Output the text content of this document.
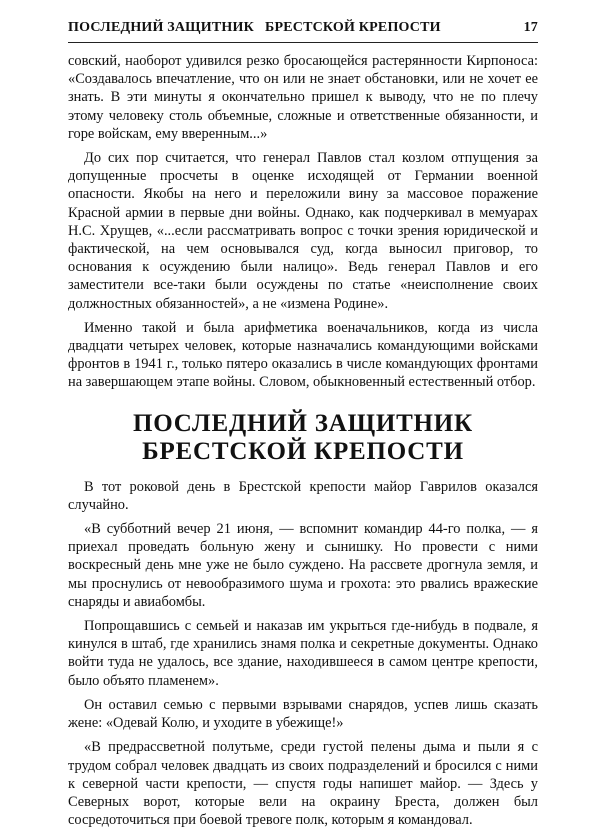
ПОСЛЕДНИЙ ЗАЩИТНИК   БРЕСТСКОЙ КРЕПОСТИ	17

совский, наоборот удивился резко бросающейся растерянности Кирпоноса: «Создавалось впечатление, что он или не знает обстановки, или не хочет ее знать. В эти минуты я окончательно пришел к выводу, что не по плечу этому человеку столь объемные, сложные и ответственные обязанности, и горе войскам, ему вверенным...»

До сих пор считается, что генерал Павлов стал козлом отпущения за допущенные просчеты в оценке исходящей от Германии военной опасности. Якобы на него и переложили вину за массовое поражение Красной армии в первые дни войны. Однако, как подчеркивал в мемуарах Н.С. Хрущев, «...если рассматривать вопрос с точки зрения юридической и фактической, на чем основывался суд, когда выносил приговор, то основания к осуждению были налицо». Ведь генерал Павлов и его заместители все-таки были осуждены по статье «неисполнение своих должностных обязанностей», а не «измена Родине».

Именно такой и была арифметика военачальников, когда из числа двадцати четырех человек, которые назначались командующими войсками фронтов в 1941 г., только пятеро оказались в числе командующих фронтами на завершающем этапе войны. Словом, обыкновенный естественный отбор.

ПОСЛЕДНИЙ ЗАЩИТНИК
БРЕСТСКОЙ КРЕПОСТИ

В тот роковой день в Брестской крепости майор Гаврилов оказался случайно.

«В субботний вечер 21 июня, — вспомнит командир 44-го полка, — я приехал проведать больную жену и сынишку. Но провести с ними воскресный день мне уже не было суждено. На рассвете дрогнула земля, и мы проснулись от невообразимого шума и грохота: это рвались вражеские снаряды и авиабомбы.

Попрощавшись с семьей и наказав им укрыться где-нибудь в подвале, я кинулся в штаб, где хранились знамя полка и секретные документы. Однако войти туда не удалось, все здание, находившееся в самом центре крепости, было объято пламенем».

Он оставил семью с первыми взрывами снарядов, успев лишь сказать жене: «Одевай Колю, и уходите в убежище!»

«В предрассветной полутьме, среди густой пелены дыма и пыли я с трудом собрал человек двадцать из своих подразделений и бросился с ними к северной части крепости, — спустя годы напишет майор. — Здесь у Северных ворот, которые вели на окраину Бреста, должен был сосредоточиться при боевой тревоге полк, которым я командовал.
